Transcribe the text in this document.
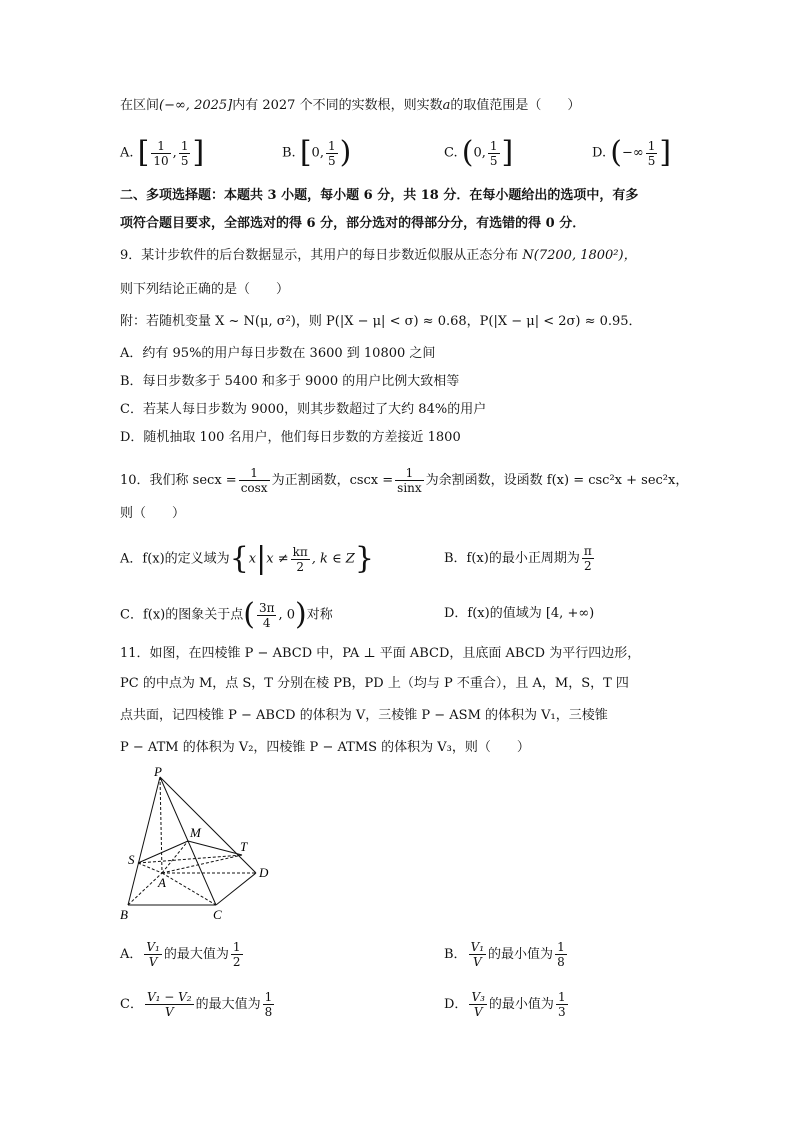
在区间(−∞, 2025]内有 2027 个不同的实数根，则实数a的取值范围是（　　）
A. [ $\frac{1}{10}$ , $\frac{1}{5}$ ]	B. [0, $\frac{1}{5}$ )	C. (0, $\frac{1}{5}$ ]	D. (−∞ $\frac{1}{5}$ ]
二、多项选择题：本题共 3 小题，每小题 6 分，共 18 分．在每小题给出的选项中，有多
项符合题目要求，全部选对的得 6 分，部分选对的得部分分，有选错的得 0 分．
9．某计步软件的后台数据显示，其用户的每日步数近似服从正态分布 N(7200, 1800²)，
则下列结论正确的是（　　）
附：若随机变量 X ~ N(μ, σ²)，则 P(|X − μ| < σ) ≈ 0.68，P(|X − μ| < 2σ) ≈ 0.95．
A．约有 95%的用户每日步数在 3600 到 10800 之间
B．每日步数多于 5400 和多于 9000 的用户比例大致相等
C．若某人每日步数为 9000，则其步数超过了大约 84%的用户
D．随机抽取 100 名用户，他们每日步数的方差接近 1800
10．我们称 $\sec x = \frac{1}{\cos x}$ 为正割函数，$\csc x = \frac{1}{\sin x}$ 为余割函数，设函数 f(x) = csc²x + sec²x，
则（　　）
A．f(x)的定义域为{$x|x \ne \frac{k\pi}{2}$ , k ∈ Z}	B．f(x)的最小正周期为 $\frac{\pi}{2}$
C．f(x)的图象关于点( $\frac{3\pi}{4}$ , 0)对称	D．f(x)的值域为 [4, +∞)
11．如图，在四棱锥 P − ABCD 中，PA ⊥ 平面 ABCD，且底面 ABCD 为平行四边形，
PC 的中点为 M，点 S，T 分别在棱 PB，PD 上（均与 P 不重合），且 A，M，S，T 四
点共面，记四棱锥 P − ABCD 的体积为 V，三棱锥 P − ASM 的体积为 V₁，三棱锥
P − ATM 的体积为 V₂，四棱锥 P − ATMS 的体积为 V₃，则（　　）
P
M
T
S
A
D
B	C
A． $\frac{\text{V₁}}{V}$ 的最大值为 $\frac{1}{2}$	B． $\frac{\text{V₁}}{V}$ 的最小值为 $\frac{1}{8}$
C． $\frac{\text{V₁ − V₂}}{V}$ 的最大值为 $\frac{1}{8}$	D． $\frac{\text{V₃}}{V}$ 的最小值为 $\frac{1}{3}$
